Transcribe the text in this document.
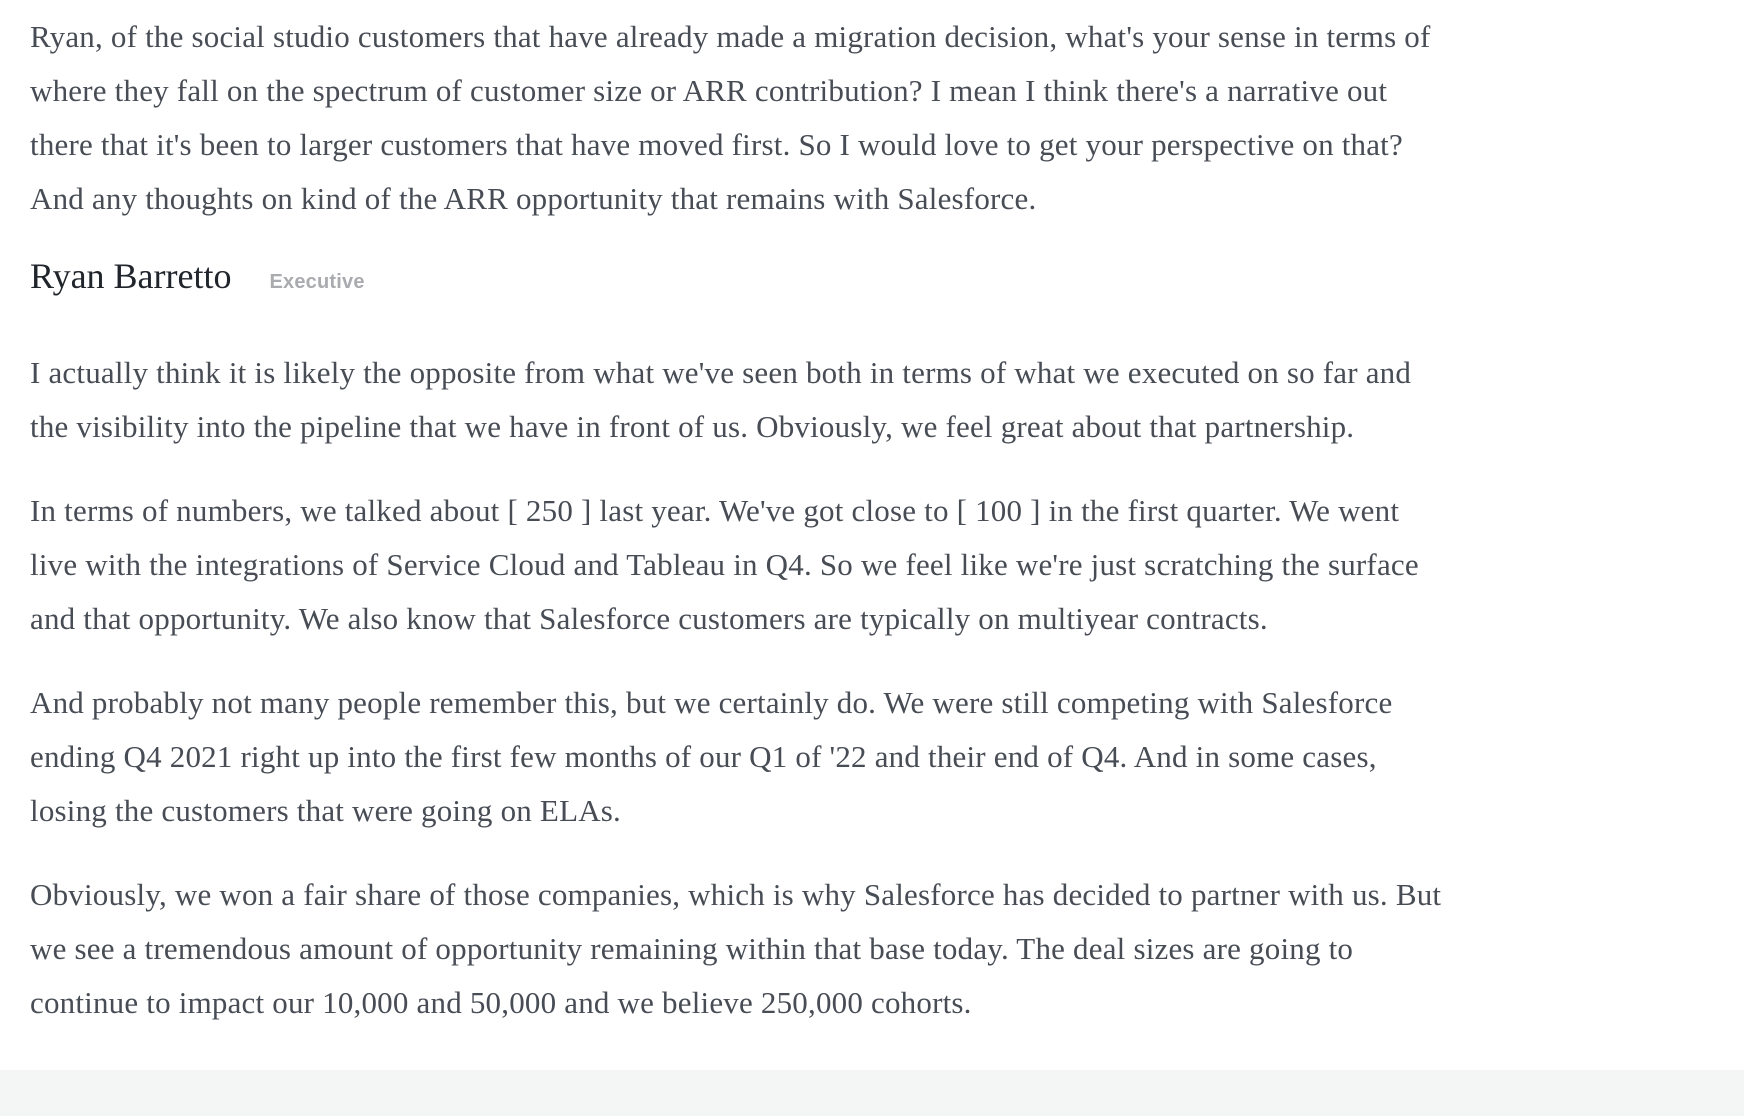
Ryan, of the social studio customers that have already made a migration decision, what's your sense in terms of where they fall on the spectrum of customer size or ARR contribution? I mean I think there's a narrative out there that it's been to larger customers that have moved first. So I would love to get your perspective on that? And any thoughts on kind of the ARR opportunity that remains with Salesforce.

Ryan Barretto Executive

I actually think it is likely the opposite from what we've seen both in terms of what we executed on so far and the visibility into the pipeline that we have in front of us. Obviously, we feel great about that partnership.

In terms of numbers, we talked about [ 250 ] last year. We've got close to [ 100 ] in the first quarter. We went live with the integrations of Service Cloud and Tableau in Q4. So we feel like we're just scratching the surface and that opportunity. We also know that Salesforce customers are typically on multiyear contracts.

And probably not many people remember this, but we certainly do. We were still competing with Salesforce ending Q4 2021 right up into the first few months of our Q1 of '22 and their end of Q4. And in some cases, losing the customers that were going on ELAs.

Obviously, we won a fair share of those companies, which is why Salesforce has decided to partner with us. But we see a tremendous amount of opportunity remaining within that base today. The deal sizes are going to continue to impact our 10,000 and 50,000 and we believe 250,000 cohorts.
